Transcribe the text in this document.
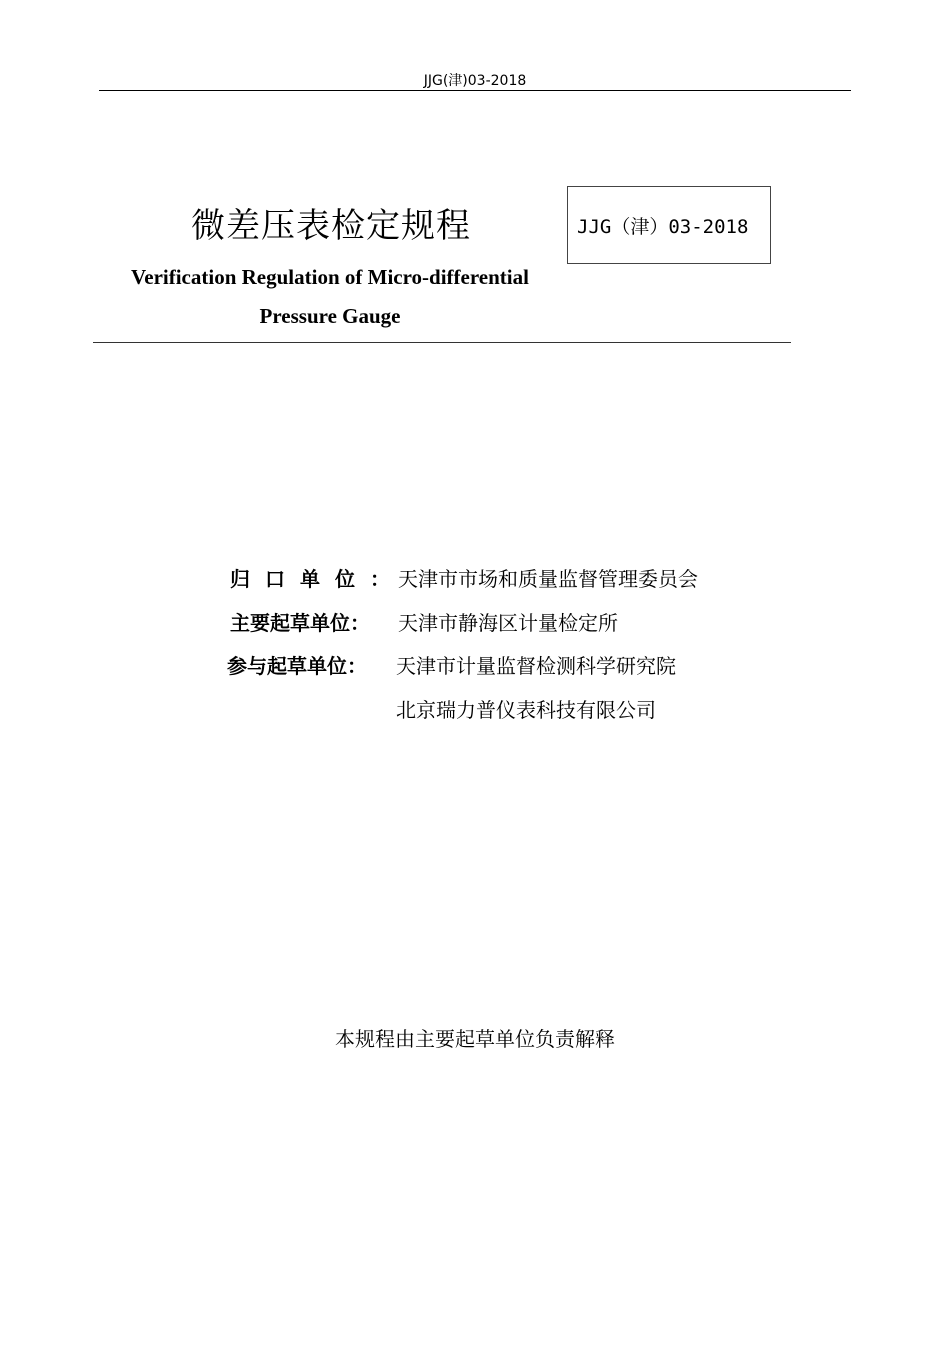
JJG(津)03-2018
微差压表检定规程	JJG（津）03-2018
Verification Regulation of Micro-differential
Pressure Gauge
归口单位： 天津市市场和质量监督管理委员会
主要起草单位： 天津市静海区计量检定所
参与起草单位： 天津市计量监督检测科学研究院
北京瑞力普仪表科技有限公司
本规程由主要起草单位负责解释
